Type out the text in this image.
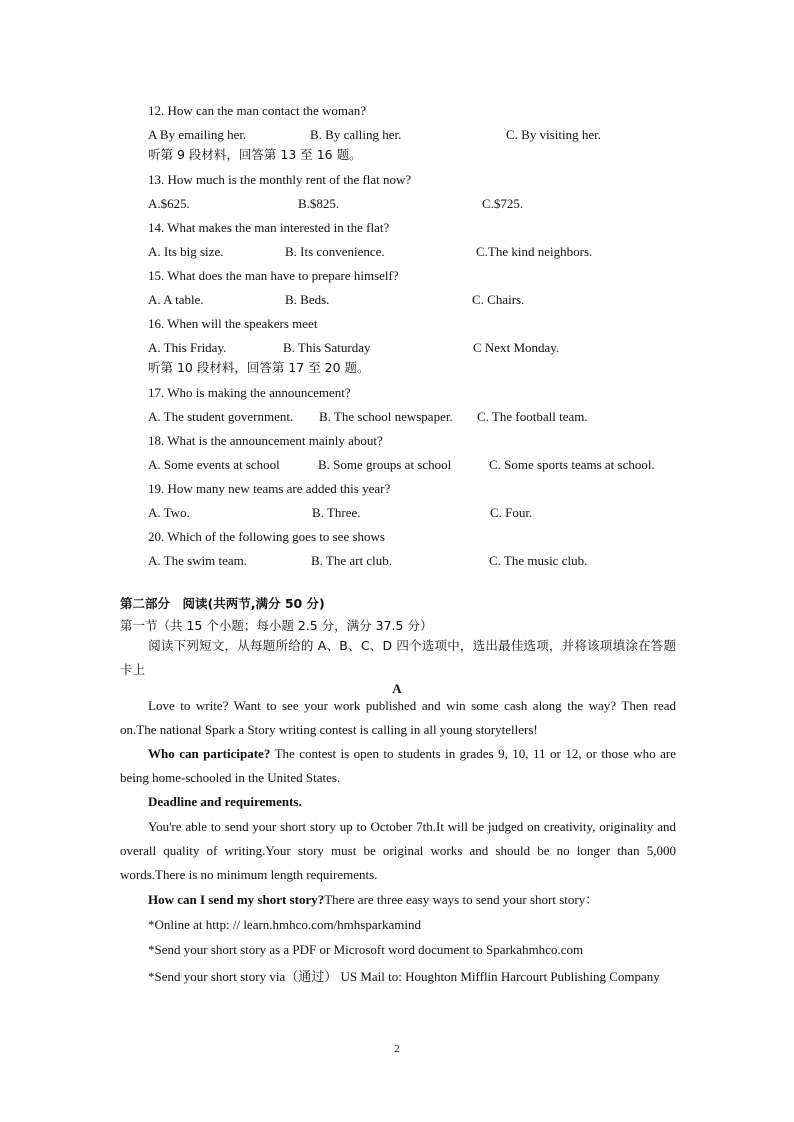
12. How can the man contact the woman?
A By emailing her.	B. By calling her.	C. By visiting her.
听第 9 段材料，回答第 13 至 16 题。
13. How much is the monthly rent of the flat now?
A.$625.	B.$825.	C.$725.
14. What makes the man interested in the flat?
A. Its big size.	B. Its convenience.	C.The kind neighbors.
15. What does the man have to prepare himself?
A. A table.	B. Beds.	C. Chairs.
16. When will the speakers meet
A. This Friday.	B. This Saturday	C Next Monday.
听第 10 段材料，回答第 17 至 20 题。
17. Who is making the announcement?
A. The student government. B. The school newspaper. C. The football team.
18. What is the announcement mainly about?
A. Some events at school	B. Some groups at school	C. Some sports teams at school.
19. How many new teams are added this year?
A. Two.	B. Three.	C. Four.
20. Which of the following goes to see shows
A. The swim team.	B. The art club.	C. The music club.
第二部分　阅读(共两节,满分 50 分)
第一节（共 15 个小题；每小题 2.5 分，满分 37.5 分）
阅读下列短文，从每题所给的 A、B、C、D 四个选项中，选出最佳选项，并将该项填涂在答题卡上
A
Love to write? Want to see your work published and win some cash along the way? Then read on.The national Spark a Story writing contest is calling in all young storytellers!
Who can participate? The contest is open to students in grades 9, 10, 11 or 12, or those who are being home-schooled in the United States.
Deadline and requirements.
You're able to send your short story up to October 7th.It will be judged on creativity, originality and overall quality of writing.Your story must be original works and should be no longer than 5,000 words.There is no minimum length requirements.
How can I send my short story?There are three easy ways to send your short story：
*Online at http: // learn.hmhco.com/hmhsparkamind
*Send your short story as a PDF or Microsoft word document to Sparkahmhco.com
*Send your short story via（通过） US Mail to: Houghton Mifflin Harcourt Publishing Company
2
